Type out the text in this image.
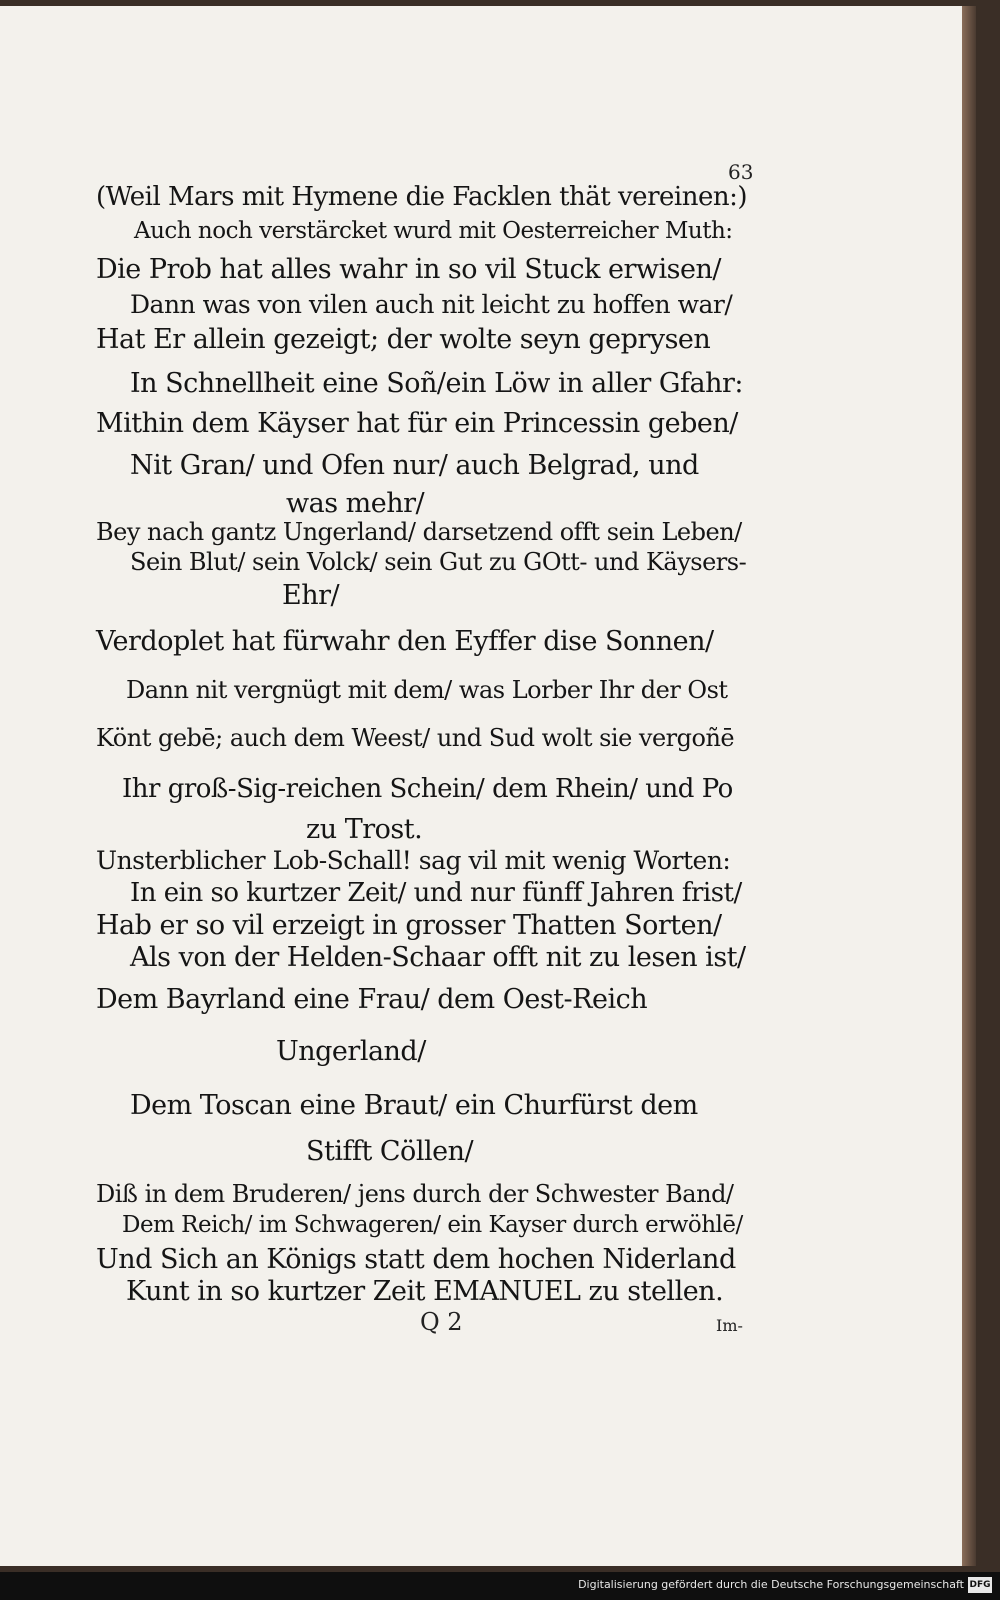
63
(Weil Mars mit Hymene die Facklen thät vereinen:)
Auch noch verstärcket wurd mit Oesterreicher Muth:
Die Prob hat alles wahr in so vil Stuck erwisen/
Dann was von vilen auch nit leicht zu hoffen war/
Hat Er allein gezeigt; der wolte seyn geprysen
In Schnellheit eine Soñ/ein Löw in aller Gfahr:
Mithin dem Käyser hat für ein Princessin geben/
Nit Gran/ und Ofen nur/ auch Belgrad, und
was mehr/
Bey nach gantz Ungerland/ darsetzend offt sein Leben/
Sein Blut/ sein Volck/ sein Gut zu GOtt- und Käysers-
Ehr/
Verdoplet hat fürwahr den Eyffer dise Sonnen/
Dann nit vergnügt mit dem/ was Lorber Ihr der Ost
Könt gebē; auch dem Weest/ und Sud wolt sie vergoñē
Ihr groß-Sig-reichen Schein/ dem Rhein/ und Po
zu Trost.
Unsterblicher Lob-Schall! sag vil mit wenig Worten:
In ein so kurtzer Zeit/ und nur fünff Jahren frist/
Hab er so vil erzeigt in grosser Thatten Sorten/
Als von der Helden-Schaar offt nit zu lesen ist/
Dem Bayrland eine Frau/ dem Oest-Reich
Ungerland/
Dem Toscan eine Braut/ ein Churfürst dem
Stifft Cöllen/
Diß in dem Bruderen/ jens durch der Schwester Band/
Dem Reich/ im Schwageren/ ein Kayser durch erwöhlē/
Und Sich an Königs statt dem hochen Niderland
Kunt in so kurtzer Zeit EMANUEL zu stellen.
Q 2	Im-
Digitalisierung gefördert durch die Deutsche Forschungsgemeinschaft DFG
